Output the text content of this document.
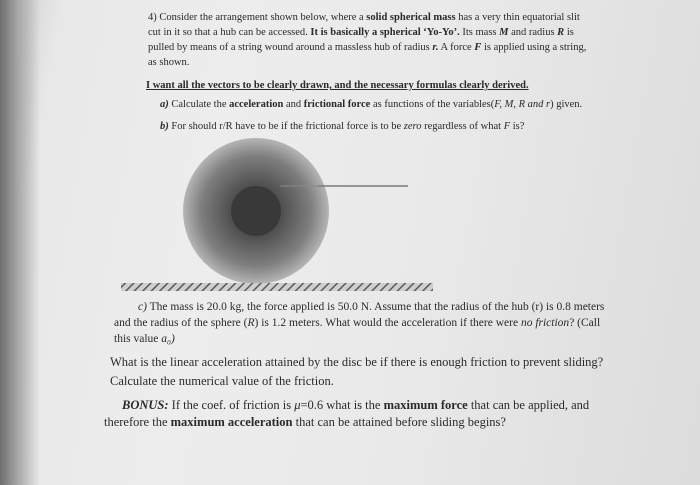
4) Consider the arrangement shown below, where a solid spherical mass has a very thin equatorial slit
cut in it so that a hub can be accessed. It is basically a spherical ‘Yo-Yo’. Its mass M and radius R is
pulled by means of a string wound around a massless hub of radius r. A force F is applied using a string,
as shown.
I want all the vectors to be clearly drawn, and the necessary formulas clearly derived.
a) Calculate the acceleration and frictional force as functions of the variables(F, M, R and r) given.
b) For should r/R have to be if the frictional force is to be zero regardless of what F is?
c) The mass is 20.0 kg, the force applied is 50.0 N. Assume that the radius of the hub (r) is 0.8 meters
and the radius of the sphere (R) is 1.2 meters. What would the acceleration if there were no friction? (Call
this value a₀)
What is the linear acceleration attained by the disc be if there is enough friction to prevent sliding?
Calculate the numerical value of the friction.
BONUS: If the coef. of friction is μ=0.6 what is the maximum force that can be applied, and
therefore the maximum acceleration that can be attained before sliding begins?
